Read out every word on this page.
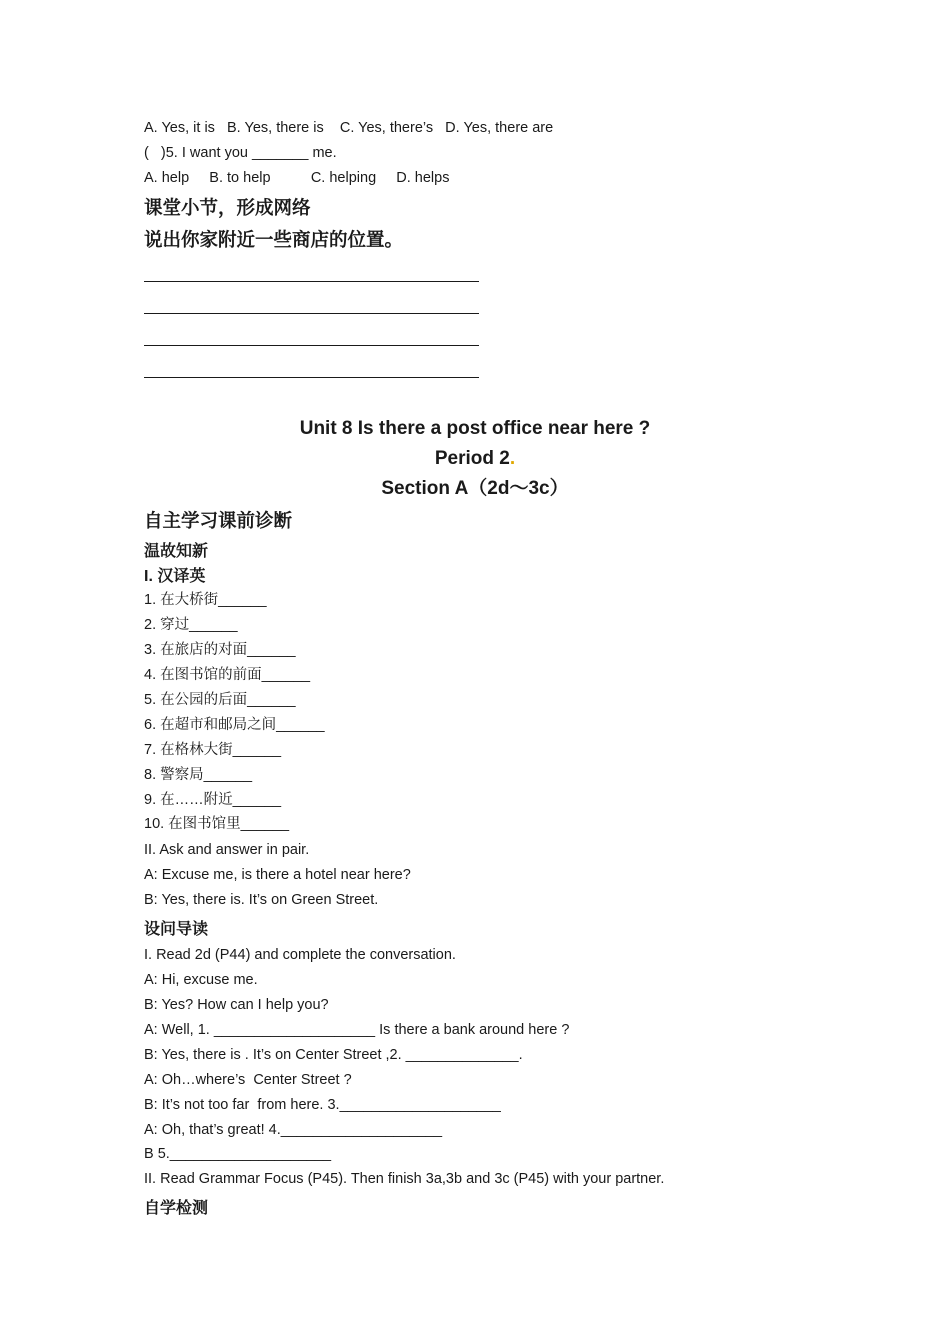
A. Yes, it is   B. Yes, there is    C. Yes, there’s   D. Yes, there are
(   )5. I want you _______ me.
A. help     B. to help          C. helping     D. helps
课堂小节，形成网络
说出你家附近一些商店的位置。
Unit 8 Is there a post office near here ?
Period 2.
Section A（2d～3c）
自主学习课前诊断
温故知新
I. 汉译英
1. 在大桥街______
2. 穿过______
3. 在旅店的对面______
4. 在图书馆的前面______
5. 在公园的后面______
6. 在超市和邮局之间______
7. 在格林大街______
8. 警察局______
9. 在……附近______
10. 在图书馆里______
II. Ask and answer in pair.
A: Excuse me, is there a hotel near here?
B: Yes, there is. It’s on Green Street.
设问导读
I. Read 2d (P44) and complete the conversation.
A: Hi, excuse me.
B: Yes? How can I help you?
A: Well, 1. ____________________ Is there a bank around here ?
B: Yes, there is . It’s on Center Street ,2. ______________.
A: Oh…where’s  Center Street ?
B: It’s not too far  from here. 3.____________________
A: Oh, that’s great! 4.____________________
B 5.____________________
II. Read Grammar Focus (P45). Then finish 3a,3b and 3c (P45) with your partner.
自学检测
